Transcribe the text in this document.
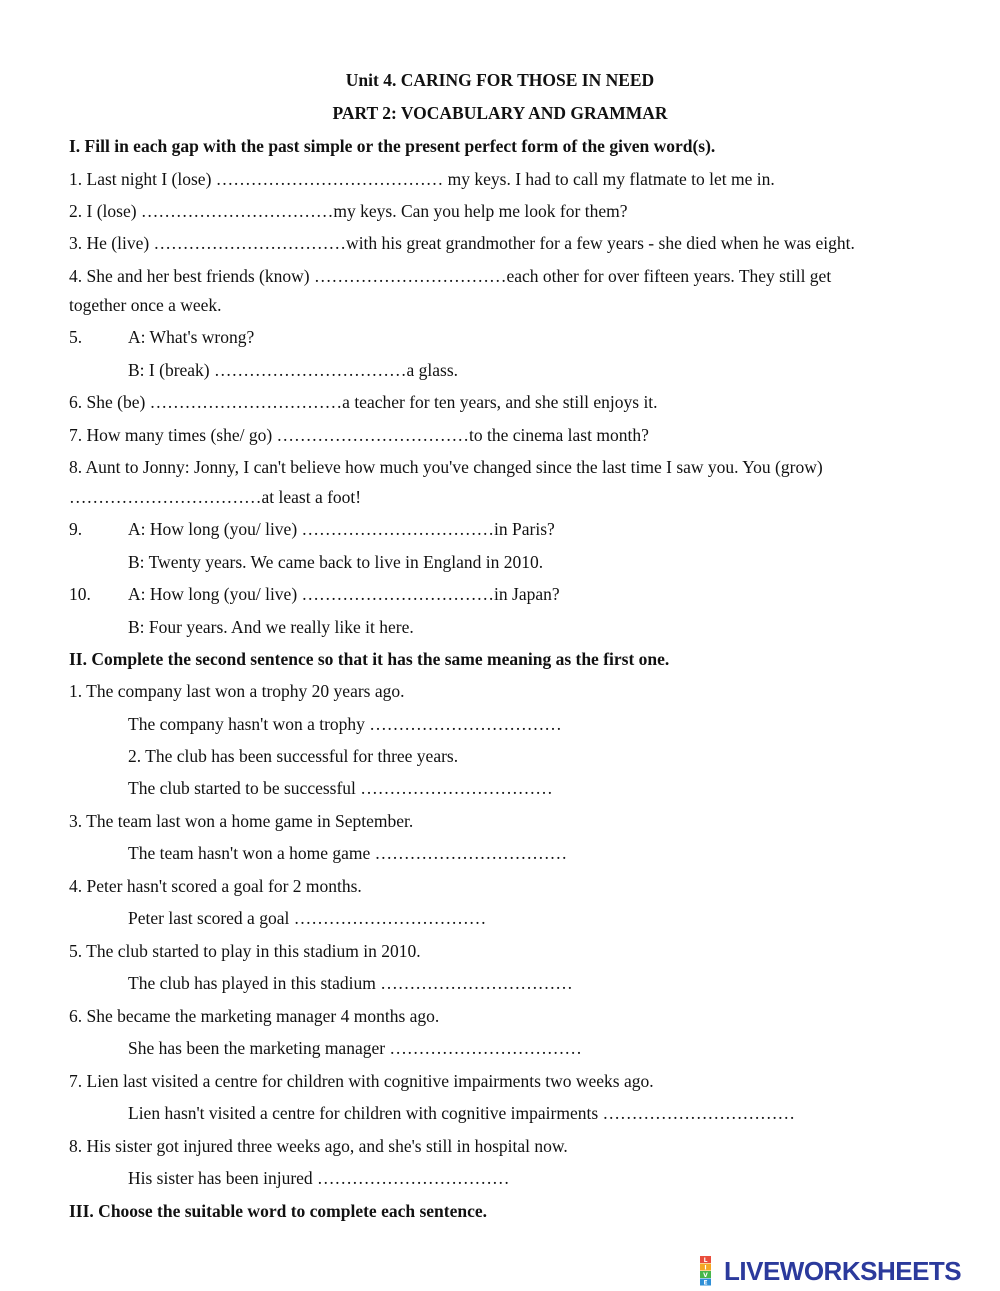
Unit 4. CARING FOR THOSE IN NEED
PART 2: VOCABULARY AND GRAMMAR
I. Fill in each gap with the past simple or the present perfect form of the given word(s).
1. Last night I (lose) ………………………………… my keys. I had to call my flatmate to let me in.
2. I (lose) ……………………………my keys. Can you help me look for them?
3. He (live) ……………………………with his great grandmother for a few years - she died when he was eight.
4. She and her best friends (know) ……………………………each other for over fifteen years. They still get
together once a week.
5.	A: What's wrong?
B: I (break) ……………………………a glass.
6. She (be) ……………………………a teacher for ten years, and she still enjoys it.
7. How many times (she/ go) ……………………………to the cinema last month?
8. Aunt to Jonny: Jonny, I can't believe how much you've changed since the last time I saw you. You (grow)
……………………………at least a foot!
9.	A: How long (you/ live) ……………………………in Paris?
B: Twenty years. We came back to live in England in 2010.
10. A: How long (you/ live) ……………………………in Japan?
B: Four years. And we really like it here.
II. Complete the second sentence so that it has the same meaning as the first one.
1. The company last won a trophy 20 years ago.
The company hasn't won a trophy ……………………………
2. The club has been successful for three years.
The club started to be successful ……………………………
3. The team last won a home game in September.
The team hasn't won a home game ……………………………
4. Peter hasn't scored a goal for 2 months.
Peter last scored a goal ……………………………
5. The club started to play in this stadium in 2010.
The club has played in this stadium ……………………………
6. She became the marketing manager 4 months ago.
She has been the marketing manager ……………………………
7. Lien last visited a centre for children with cognitive impairments two weeks ago.
Lien hasn't visited a centre for children with cognitive impairments ……………………………
8. His sister got injured three weeks ago, and she's still in hospital now.
His sister has been injured ……………………………
III. Choose the suitable word to complete each sentence.
L
I
V
E LIVEWORKSHEETS
